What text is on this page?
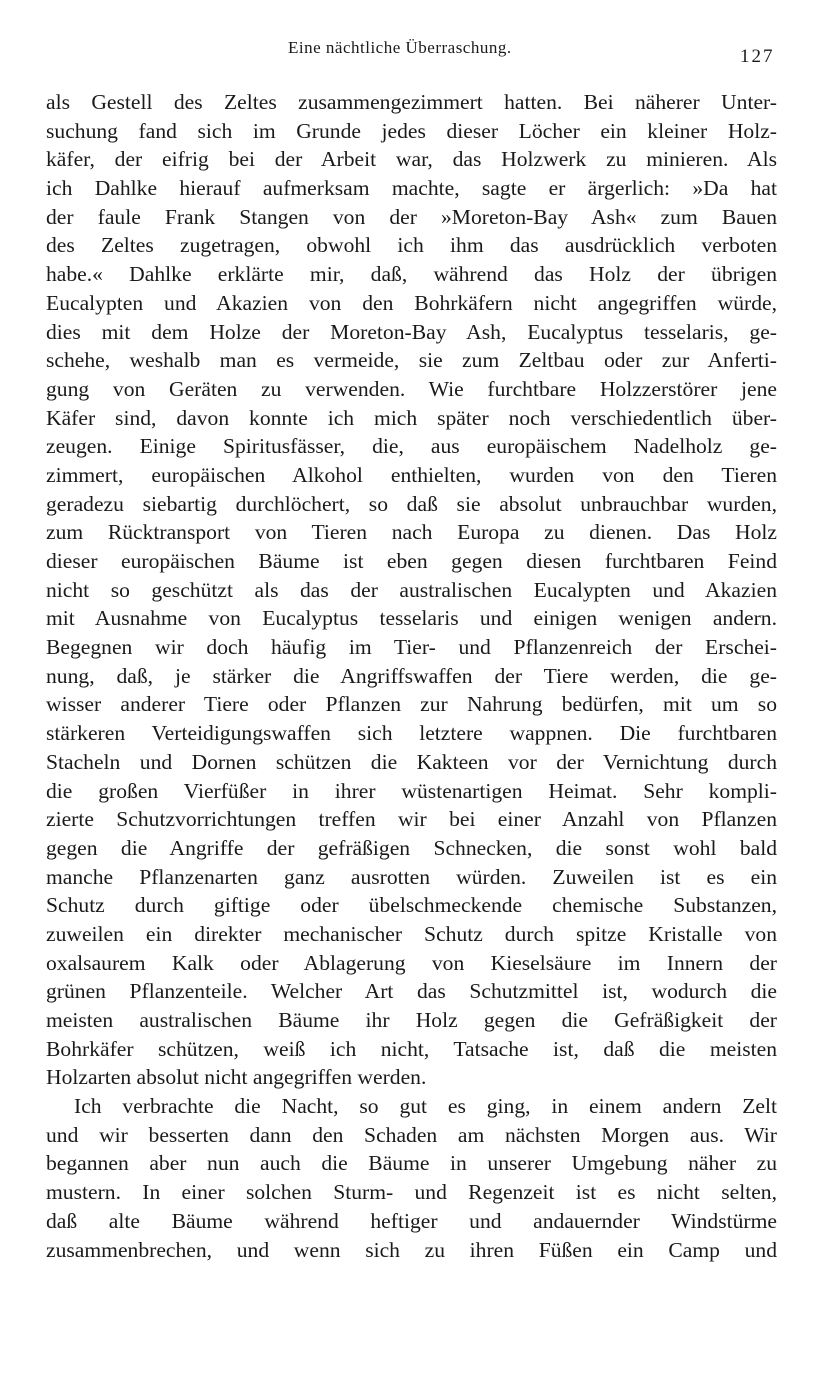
Eine nächtliche Überraschung.	127
als Gestell des Zeltes zusammengezimmert hatten. Bei näherer Unter-
suchung fand sich im Grunde jedes dieser Löcher ein kleiner Holz-
käfer, der eifrig bei der Arbeit war, das Holzwerk zu minieren. Als
ich Dahlke hierauf aufmerksam machte, sagte er ärgerlich: »Da hat
der faule Frank Stangen von der »Moreton-Bay Ash« zum Bauen
des Zeltes zugetragen, obwohl ich ihm das ausdrücklich verboten
habe.« Dahlke erklärte mir, daß, während das Holz der übrigen
Eucalypten und Akazien von den Bohrkäfern nicht angegriffen würde,
dies mit dem Holze der Moreton-Bay Ash, Eucalyptus tesselaris, ge-
schehe, weshalb man es vermeide, sie zum Zeltbau oder zur Anferti-
gung von Geräten zu verwenden. Wie furchtbare Holzzerstörer jene
Käfer sind, davon konnte ich mich später noch verschiedentlich über-
zeugen. Einige Spiritusfässer, die, aus europäischem Nadelholz ge-
zimmert, europäischen Alkohol enthielten, wurden von den Tieren
geradezu siebartig durchlöchert, so daß sie absolut unbrauchbar wurden,
zum Rücktransport von Tieren nach Europa zu dienen. Das Holz
dieser europäischen Bäume ist eben gegen diesen furchtbaren Feind
nicht so geschützt als das der australischen Eucalypten und Akazien
mit Ausnahme von Eucalyptus tesselaris und einigen wenigen andern.
Begegnen wir doch häufig im Tier- und Pflanzenreich der Erschei-
nung, daß, je stärker die Angriffswaffen der Tiere werden, die ge-
wisser anderer Tiere oder Pflanzen zur Nahrung bedürfen, mit um so
stärkeren Verteidigungswaffen sich letztere wappnen. Die furchtbaren
Stacheln und Dornen schützen die Kakteen vor der Vernichtung durch
die großen Vierfüßer in ihrer wüstenartigen Heimat. Sehr kompli-
zierte Schutzvorrichtungen treffen wir bei einer Anzahl von Pflanzen
gegen die Angriffe der gefräßigen Schnecken, die sonst wohl bald
manche Pflanzenarten ganz ausrotten würden. Zuweilen ist es ein
Schutz durch giftige oder übelschmeckende chemische Substanzen,
zuweilen ein direkter mechanischer Schutz durch spitze Kristalle von
oxalsaurem Kalk oder Ablagerung von Kieselsäure im Innern der
grünen Pflanzenteile. Welcher Art das Schutzmittel ist, wodurch die
meisten australischen Bäume ihr Holz gegen die Gefräßigkeit der
Bohrkäfer schützen, weiß ich nicht, Tatsache ist, daß die meisten
Holzarten absolut nicht angegriffen werden.
Ich verbrachte die Nacht, so gut es ging, in einem andern Zelt
und wir besserten dann den Schaden am nächsten Morgen aus. Wir
begannen aber nun auch die Bäume in unserer Umgebung näher zu
mustern. In einer solchen Sturm- und Regenzeit ist es nicht selten,
daß alte Bäume während heftiger und andauernder Windstürme
zusammenbrechen, und wenn sich zu ihren Füßen ein Camp und
